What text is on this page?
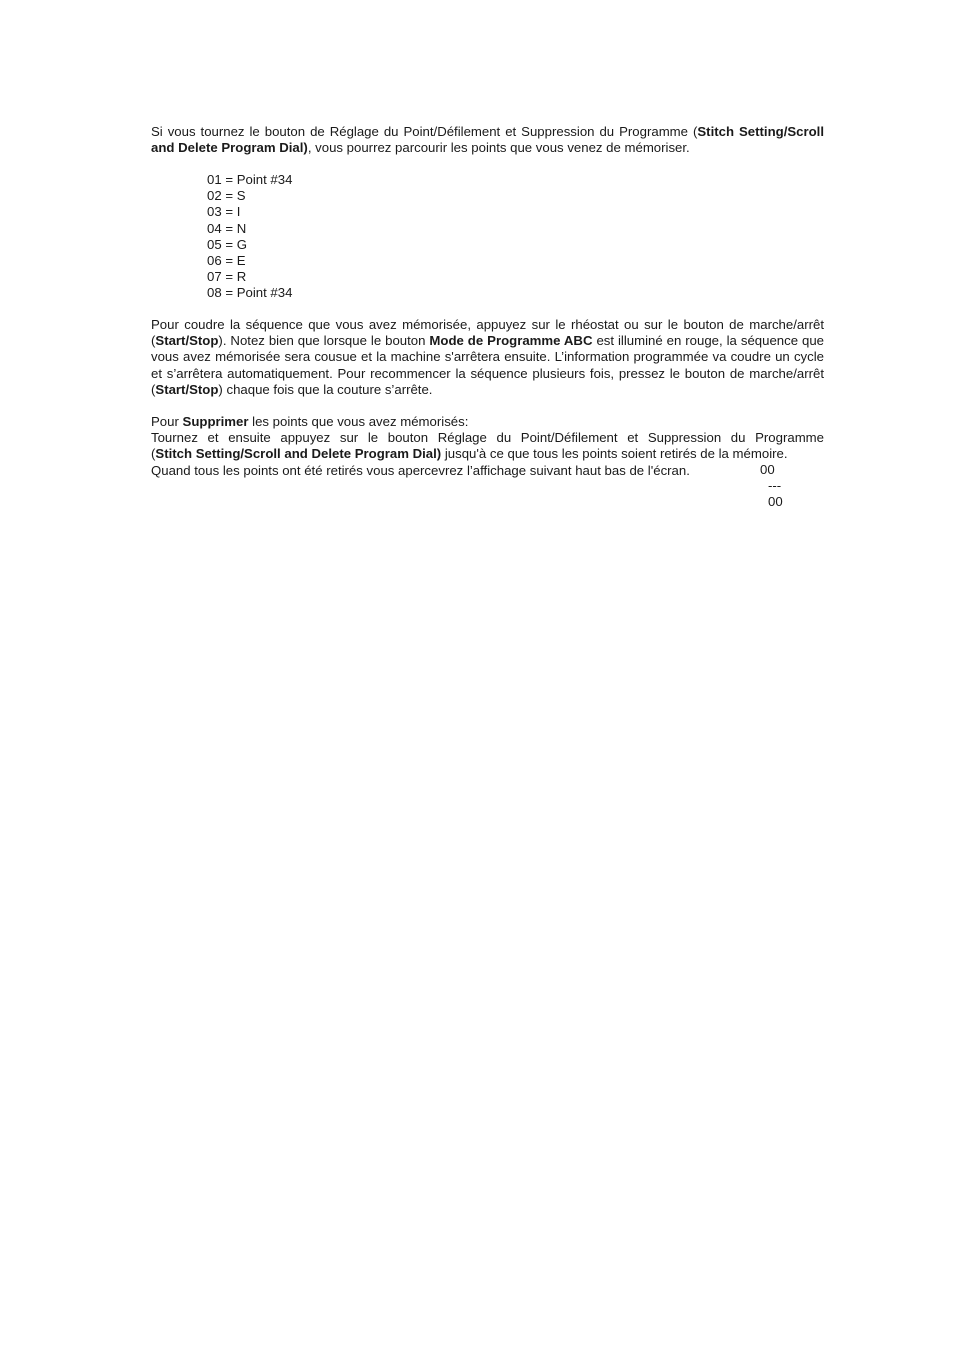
Si vous tournez le bouton de Réglage du Point/Défilement et Suppression du Programme (Stitch Setting/Scroll and Delete Program Dial), vous pourrez parcourir les points que vous venez de mémoriser.

01 = Point #34
02 = S
03 = I
04 = N
05 = G
06 = E
07 = R
08 = Point #34

Pour coudre la séquence que vous avez mémorisée, appuyez sur le rhéostat ou sur le bouton de marche/arrêt (Start/Stop). Notez bien que lorsque le bouton Mode de Programme ABC est illuminé en rouge, la séquence que vous avez mémorisée sera cousue et la machine s'arrêtera ensuite. L’information programmée va coudre un cycle et s’arrêtera automatiquement. Pour recommencer la séquence plusieurs fois, pressez le bouton de marche/arrêt (Start/Stop) chaque fois que la couture s’arrête.

Pour Supprimer les points que vous avez mémorisés:
Tournez et ensuite appuyez sur le bouton Réglage du Point/Défilement et Suppression du Programme
(Stitch Setting/Scroll and Delete Program Dial) jusqu'à ce que tous les points soient retirés de la mémoire.
Quand tous les points ont été retirés vous apercevrez l’affichage suivant haut bas de l'écran.	00
---
00
